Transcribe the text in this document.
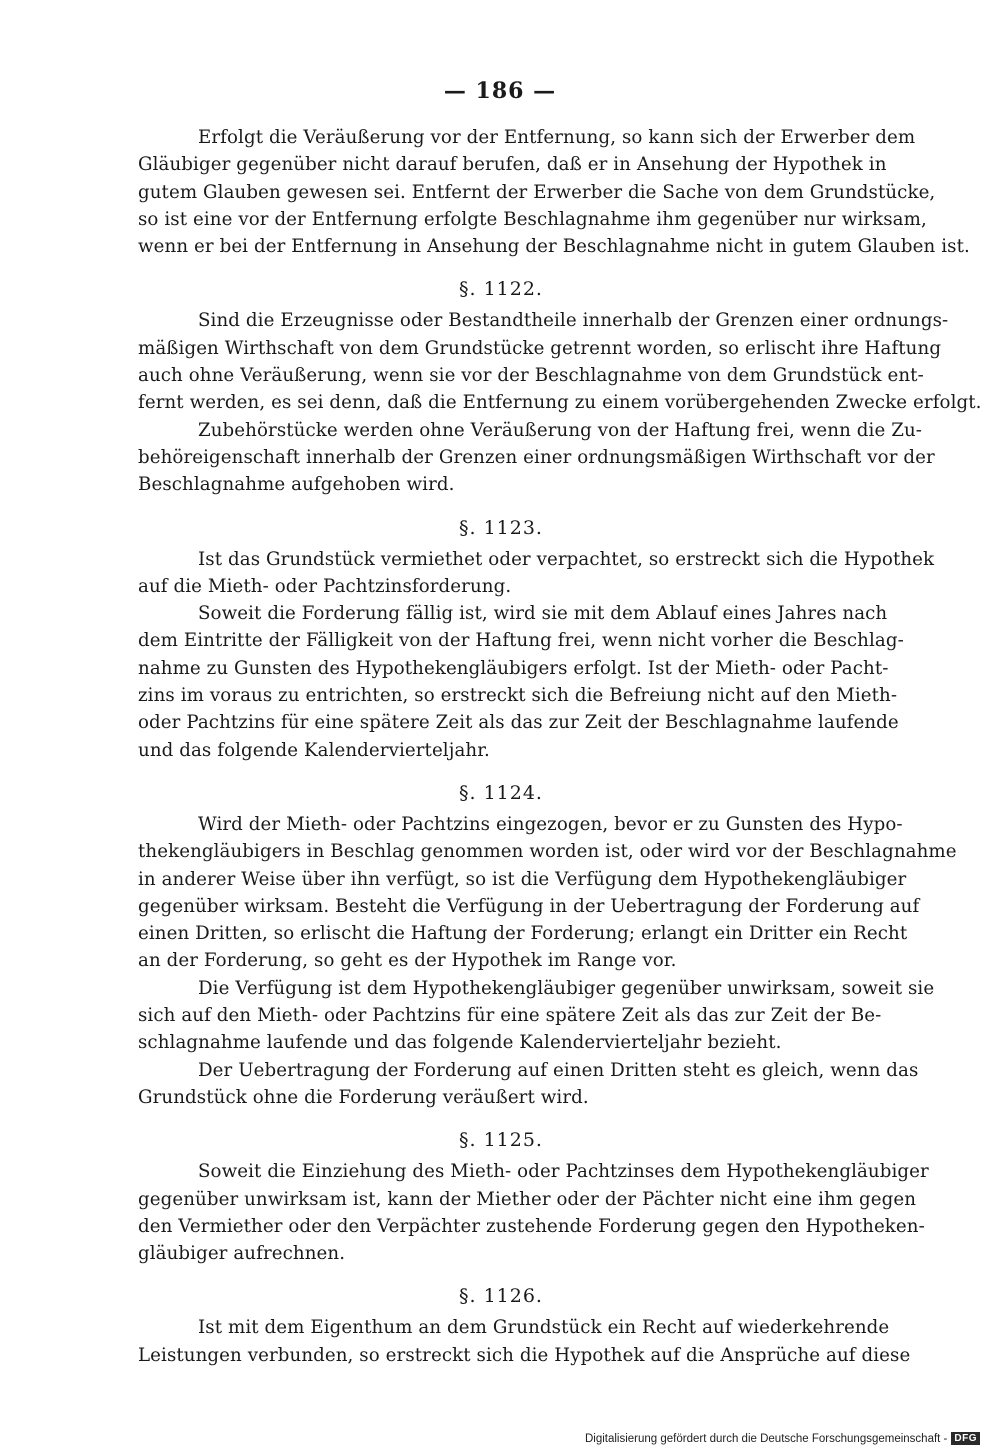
— 186 —
Erfolgt die Veräußerung vor der Entfernung, so kann sich der Erwerber dem
Gläubiger gegenüber nicht darauf berufen, daß er in Ansehung der Hypothek in
gutem Glauben gewesen sei. Entfernt der Erwerber die Sache von dem Grundstücke,
so ist eine vor der Entfernung erfolgte Beschlagnahme ihm gegenüber nur wirksam,
wenn er bei der Entfernung in Ansehung der Beschlagnahme nicht in gutem Glauben ist.
§. 1122.
Sind die Erzeugnisse oder Bestandtheile innerhalb der Grenzen einer ordnungs-
mäßigen Wirthschaft von dem Grundstücke getrennt worden, so erlischt ihre Haftung
auch ohne Veräußerung, wenn sie vor der Beschlagnahme von dem Grundstück ent-
fernt werden, es sei denn, daß die Entfernung zu einem vorübergehenden Zwecke erfolgt.
Zubehörstücke werden ohne Veräußerung von der Haftung frei, wenn die Zu-
behöreigenschaft innerhalb der Grenzen einer ordnungsmäßigen Wirthschaft vor der
Beschlagnahme aufgehoben wird.
§. 1123.
Ist das Grundstück vermiethet oder verpachtet, so erstreckt sich die Hypothek
auf die Mieth- oder Pachtzinsforderung.
Soweit die Forderung fällig ist, wird sie mit dem Ablauf eines Jahres nach
dem Eintritte der Fälligkeit von der Haftung frei, wenn nicht vorher die Beschlag-
nahme zu Gunsten des Hypothekengläubigers erfolgt. Ist der Mieth- oder Pacht-
zins im voraus zu entrichten, so erstreckt sich die Befreiung nicht auf den Mieth-
oder Pachtzins für eine spätere Zeit als das zur Zeit der Beschlagnahme laufende
und das folgende Kalendervierteljahr.
§. 1124.
Wird der Mieth- oder Pachtzins eingezogen, bevor er zu Gunsten des Hypo-
thekengläubigers in Beschlag genommen worden ist, oder wird vor der Beschlagnahme
in anderer Weise über ihn verfügt, so ist die Verfügung dem Hypothekengläubiger
gegenüber wirksam. Besteht die Verfügung in der Uebertragung der Forderung auf
einen Dritten, so erlischt die Haftung der Forderung; erlangt ein Dritter ein Recht
an der Forderung, so geht es der Hypothek im Range vor.
Die Verfügung ist dem Hypothekengläubiger gegenüber unwirksam, soweit sie
sich auf den Mieth- oder Pachtzins für eine spätere Zeit als das zur Zeit der Be-
schlagnahme laufende und das folgende Kalendervierteljahr bezieht.
Der Uebertragung der Forderung auf einen Dritten steht es gleich, wenn das
Grundstück ohne die Forderung veräußert wird.
§. 1125.
Soweit die Einziehung des Mieth- oder Pachtzinses dem Hypothekengläubiger
gegenüber unwirksam ist, kann der Miether oder der Pächter nicht eine ihm gegen
den Vermiether oder den Verpächter zustehende Forderung gegen den Hypotheken-
gläubiger aufrechnen.
§. 1126.
Ist mit dem Eigenthum an dem Grundstück ein Recht auf wiederkehrende
Leistungen verbunden, so erstreckt sich die Hypothek auf die Ansprüche auf diese
Digitalisierung gefördert durch die Deutsche Forschungsgemeinschaft - DFG
